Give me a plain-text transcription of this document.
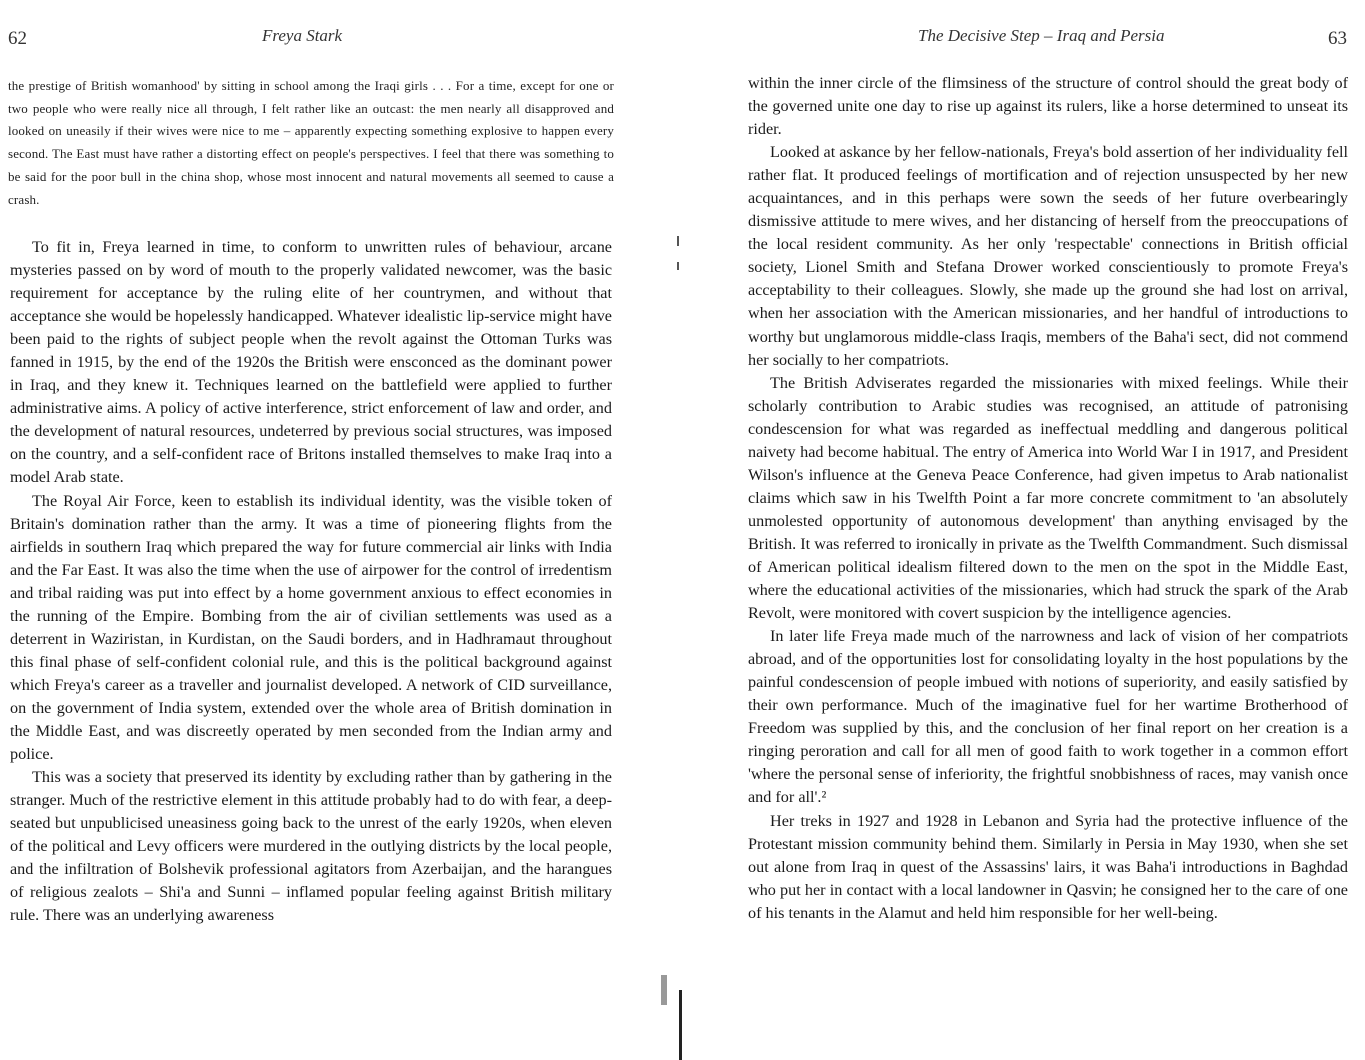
62	Freya Stark
the prestige of British womanhood' by sitting in school among the Iraqi girls . . . For a time, except for one or two people who were really nice all through, I felt rather like an outcast: the men nearly all disapproved and looked on uneasily if their wives were nice to me – apparently expecting something explosive to happen every second. The East must have rather a distorting effect on people's perspectives. I feel that there was something to be said for the poor bull in the china shop, whose most innocent and natural movements all seemed to cause a crash.

To fit in, Freya learned in time, to conform to unwritten rules of behaviour, arcane mysteries passed on by word of mouth to the properly validated newcomer, was the basic requirement for acceptance by the ruling elite of her countrymen, and without that acceptance she would be hopelessly handicapped. Whatever idealistic lip-service might have been paid to the rights of subject people when the revolt against the Ottoman Turks was fanned in 1915, by the end of the 1920s the British were ensconced as the dominant power in Iraq, and they knew it. Techniques learned on the battlefield were applied to further administrative aims. A policy of active interference, strict enforcement of law and order, and the development of natural resources, undeterred by previous social structures, was imposed on the country, and a self-confident race of Britons installed themselves to make Iraq into a model Arab state.

The Royal Air Force, keen to establish its individual identity, was the visible token of Britain's domination rather than the army. It was a time of pioneering flights from the airfields in southern Iraq which prepared the way for future commercial air links with India and the Far East. It was also the time when the use of airpower for the control of irredentism and tribal raiding was put into effect by a home government anxious to effect economies in the running of the Empire. Bombing from the air of civilian settlements was used as a deterrent in Waziristan, in Kurdistan, on the Saudi borders, and in Hadhramaut throughout this final phase of self-confident colonial rule, and this is the political background against which Freya's career as a traveller and journalist developed. A network of CID surveillance, on the government of India system, extended over the whole area of British domination in the Middle East, and was discreetly operated by men seconded from the Indian army and police.

This was a society that preserved its identity by excluding rather than by gathering in the stranger. Much of the restrictive element in this attitude probably had to do with fear, a deep-seated but unpublicised uneasiness going back to the unrest of the early 1920s, when eleven of the political and Levy officers were murdered in the outlying districts by the local people, and the infiltration of Bolshevik professional agitators from Azerbaijan, and the harangues of religious zealots – Shi'a and Sunni – inflamed popular feeling against British military rule. There was an underlying awareness

The Decisive Step – Iraq and Persia	63

within the inner circle of the flimsiness of the structure of control should the great body of the governed unite one day to rise up against its rulers, like a horse determined to unseat its rider.

Looked at askance by her fellow-nationals, Freya's bold assertion of her individuality fell rather flat. It produced feelings of mortification and of rejection unsuspected by her new acquaintances, and in this perhaps were sown the seeds of her future overbearingly dismissive attitude to mere wives, and her distancing of herself from the preoccupations of the local resident community. As her only 'respectable' connections in British official society, Lionel Smith and Stefana Drower worked conscientiously to promote Freya's acceptability to their colleagues. Slowly, she made up the ground she had lost on arrival, when her association with the American missionaries, and her handful of introductions to worthy but unglamorous middle-class Iraqis, members of the Baha'i sect, did not commend her socially to her compatriots.

The British Adviserates regarded the missionaries with mixed feelings. While their scholarly contribution to Arabic studies was recognised, an attitude of patronising condescension for what was regarded as ineffectual meddling and dangerous political naivety had become habitual. The entry of America into World War I in 1917, and President Wilson's influence at the Geneva Peace Conference, had given impetus to Arab nationalist claims which saw in his Twelfth Point a far more concrete commitment to 'an absolutely unmolested opportunity of autonomous development' than anything envisaged by the British. It was referred to ironically in private as the Twelfth Commandment. Such dismissal of American political idealism filtered down to the men on the spot in the Middle East, where the educational activities of the missionaries, which had struck the spark of the Arab Revolt, were monitored with covert suspicion by the intelligence agencies.

In later life Freya made much of the narrowness and lack of vision of her compatriots abroad, and of the opportunities lost for consolidating loyalty in the host populations by the painful condescension of people imbued with notions of superiority, and easily satisfied by their own performance. Much of the imaginative fuel for her wartime Brotherhood of Freedom was supplied by this, and the conclusion of her final report on her creation is a ringing peroration and call for all men of good faith to work together in a common effort 'where the personal sense of inferiority, the frightful snobbishness of races, may vanish once and for all'.²

Her treks in 1927 and 1928 in Lebanon and Syria had the protective influence of the Protestant mission community behind them. Similarly in Persia in May 1930, when she set out alone from Iraq in quest of the Assassins' lairs, it was Baha'i introductions in Baghdad who put her in contact with a local landowner in Qasvin; he consigned her to the care of one of his tenants in the Alamut and held him responsible for her well-being.
